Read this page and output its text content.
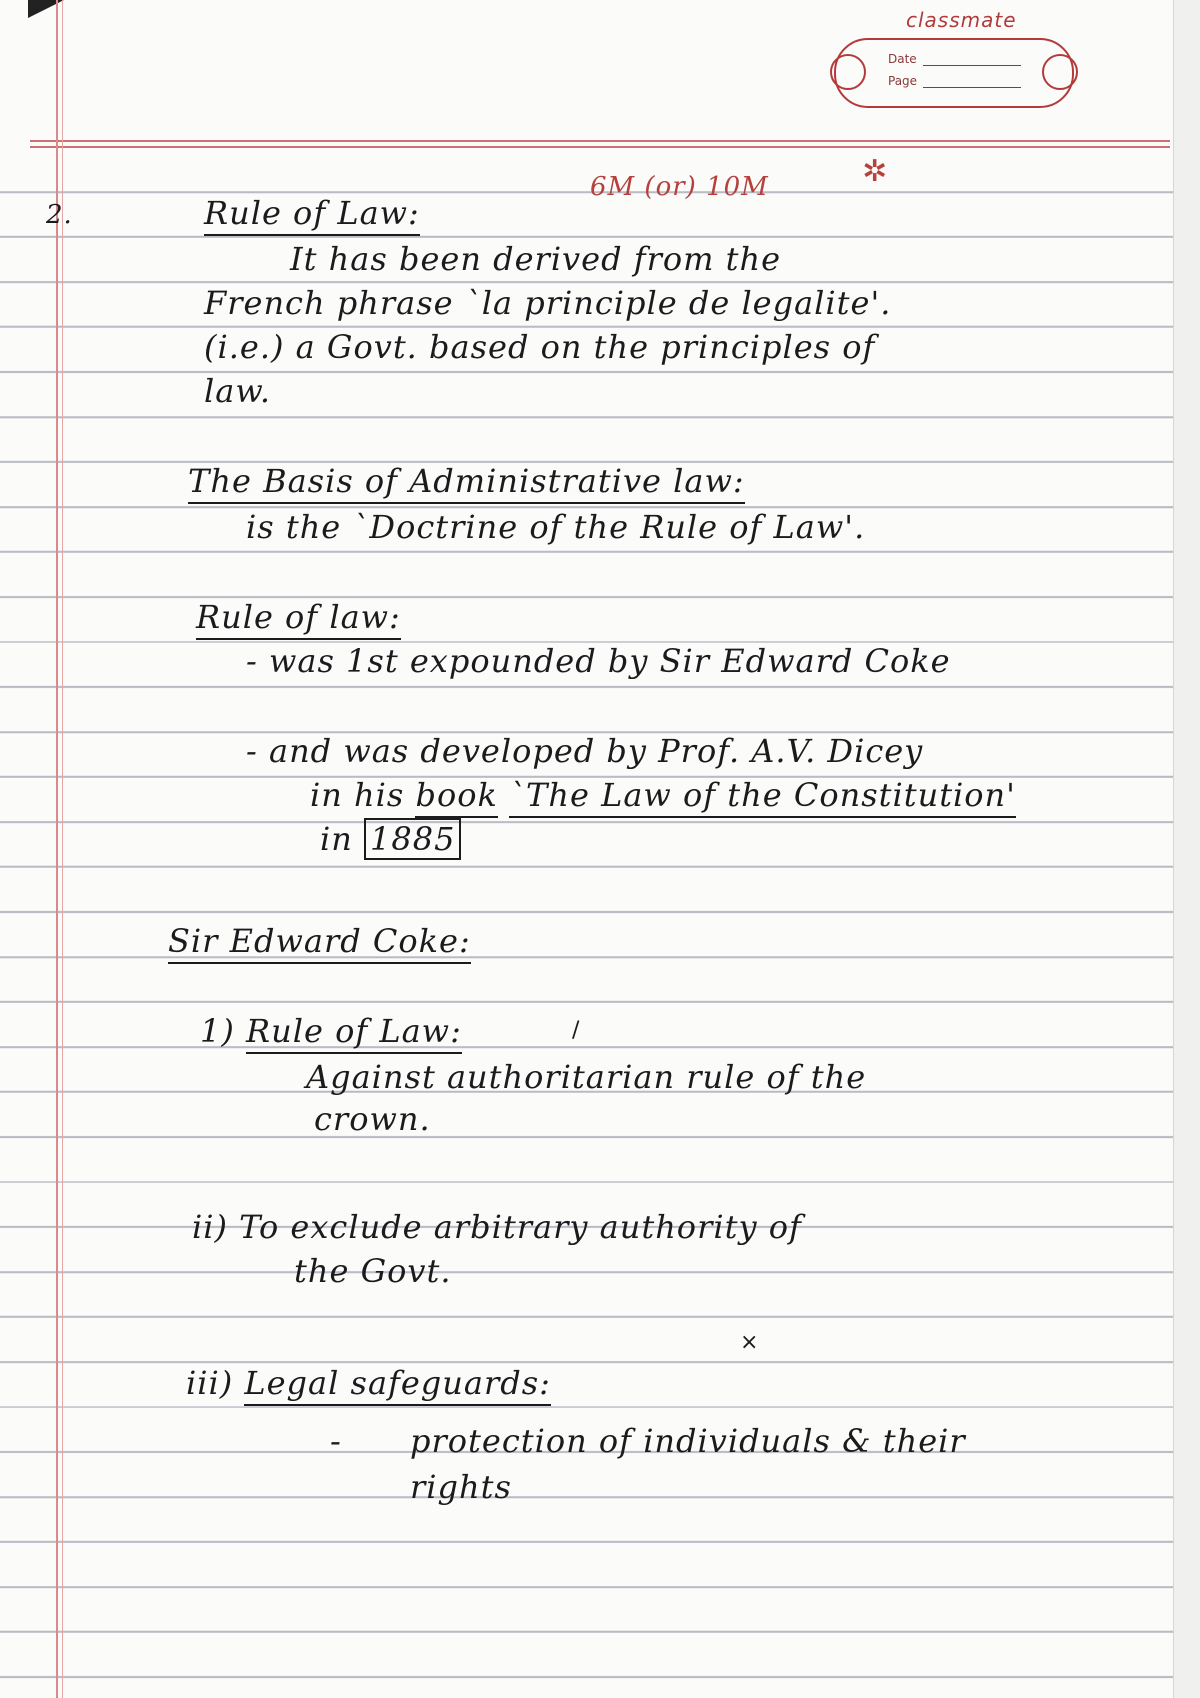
classmate
Date
Page
6M (or) 10M	✲
2.	Rule of Law:
It has been derived from the
French phrase `la principle de legalite'.
(i.e.) a Govt. based on the principles of
law.
The Basis of Administrative law:
is the `Doctrine of the Rule of Law'.
Rule of law:
- was 1st expounded by Sir Edward Coke
- and was developed by Prof. A.V. Dicey
in his book `The Law of the Constitution'
in 1885
Sir Edward Coke:
1) Rule of Law:	/
Against authoritarian rule of the
crown.
ii) To exclude arbitrary authority of
the Govt.
×
iii) Legal safeguards:
- protection of individuals & their
rights
